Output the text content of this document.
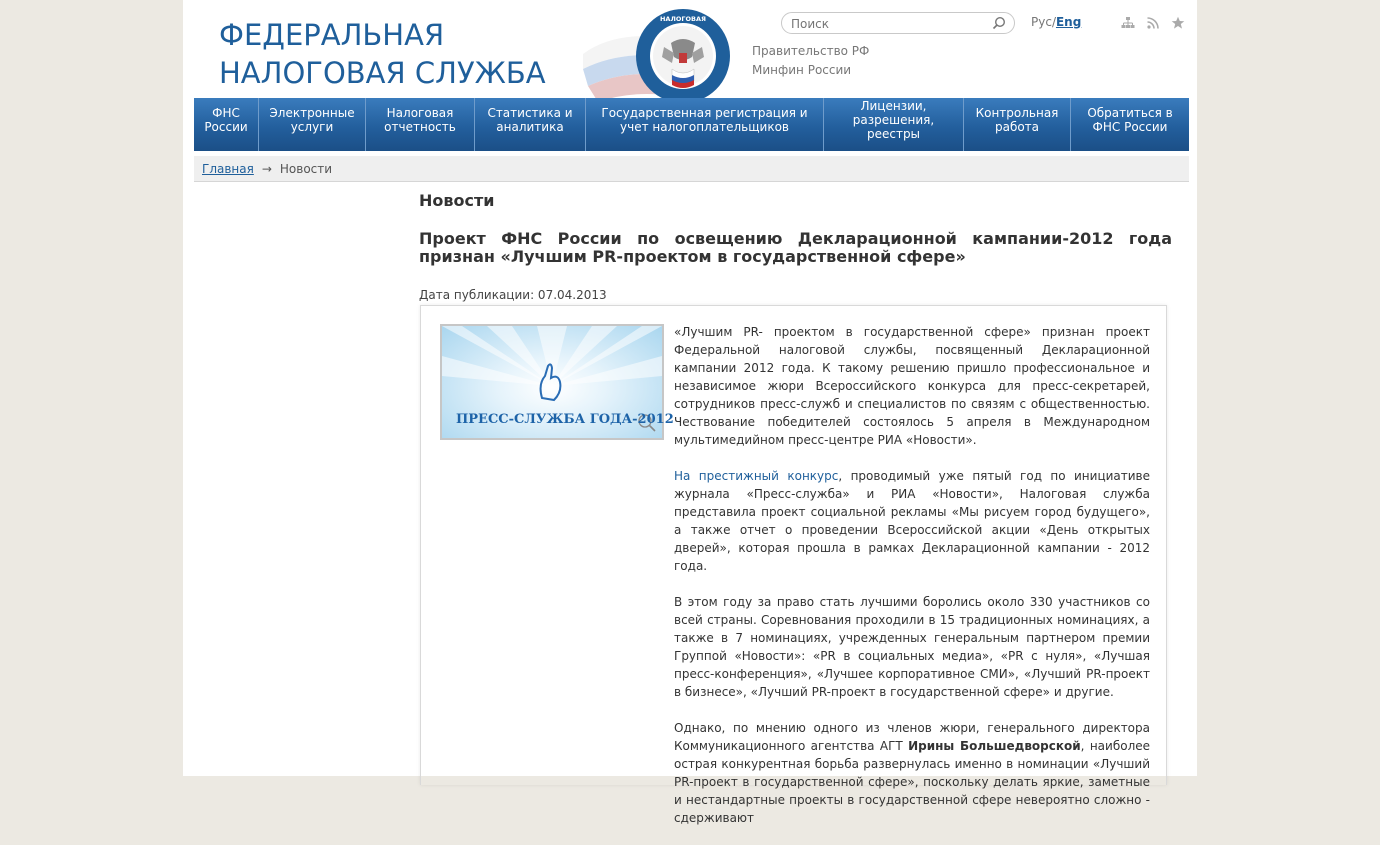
ФЕДЕРАЛЬНАЯ
НАЛОГОВАЯ СЛУЖБА
НАЛОГОВАЯ
Правительство РФ
Минфин России
Поиск
Рус/Eng
ФНС России
Электронные услуги
Налоговая отчетность
Статистика и аналитика
Государственная регистрация и учет налогоплательщиков
Лицензии, разрешения, реестры
Контрольная работа
Обратиться в ФНС России
Главная → Новости
Новости
Проект ФНС России по освещению Декларационной кампании-2012 года признан «Лучшим PR-проектом в государственной сфере»
Дата публикации: 07.04.2013
ПРЕСС-СЛУЖБА ГОДА-2012

«Лучшим PR- проектом в государственной сфере» признан проект Федеральной налоговой службы, посвященный Декларационной кампании 2012 года. К такому решению пришло профессиональное и независимое жюри Всероссийского конкурса для пресс-секретарей, сотрудников пресс-служб и специалистов по связям с общественностью. Чествование победителей состоялось 5 апреля в Международном мультимедийном пресс-центре РИА «Новости».

На престижный конкурс, проводимый уже пятый год по инициативе журнала «Пресс-служба» и РИА «Новости», Налоговая служба представила проект социальной рекламы «Мы рисуем город будущего», а также отчет о проведении Всероссийской акции «День открытых дверей», которая прошла в рамках Декларационной кампании - 2012 года.

В этом году за право стать лучшими боролись около 330 участников со всей страны. Соревнования проходили в 15 традиционных номинациях, а также в 7 номинациях, учрежденных генеральным партнером премии Группой «Новости»: «PR в социальных медиа», «PR с нуля», «Лучшая пресс-конференция», «Лучшее корпоративное СМИ», «Лучший PR-проект в бизнесе», «Лучший PR-проект в государственной сфере» и другие.

Однако, по мнению одного из членов жюри, генерального директора Коммуникационного агентства АГТ Ирины Большедворской, наиболее острая конкурентная борьба развернулась именно в номинации «Лучший PR-проект в государственной сфере», поскольку делать яркие, заметные и нестандартные проекты в государственной сфере невероятно сложно - сдерживают
